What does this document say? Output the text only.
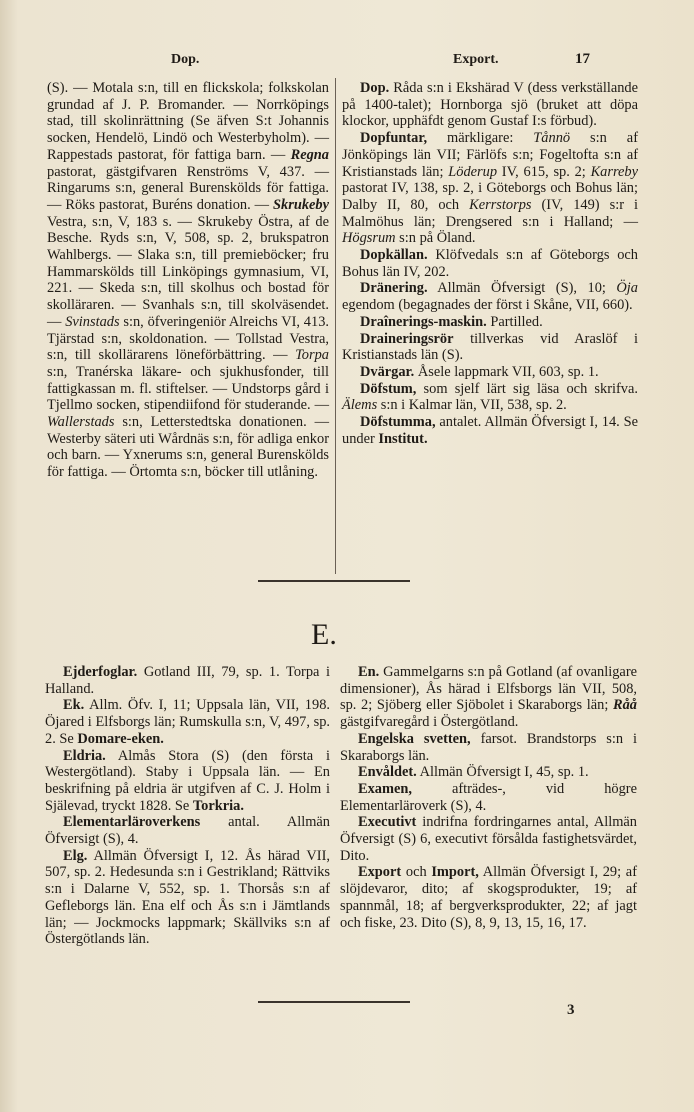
Dop.	Export.	17

(S). — Motala s:n, till en flickskola; folkskolan grundad af J. P. Bromander. — Norrköpings stad, till skolinrättning (Se äfven S:t Johannis socken, Hendelö, Lindö och Westerbyholm). — Rappestads pastorat, för fattiga barn. — Regna pastorat, gästgifvaren Renströms V, 437. — Ringarums s:n, general Burenskölds för fattiga. — Röks pastorat, Buréns donation. — Skrukeby Vestra, s:n, V, 183 s. — Skrukeby Östra, af de Besche. Ryds s:n, V, 508, sp. 2, brukspatron Wahlbergs. — Slaka s:n, till premieböcker; fru Hammarskölds till Linköpings gymnasium, VI, 221. — Skeda s:n, till skolhus och bostad för skolläraren. — Svanhals s:n, till skolväsendet. — Svinstads s:n, öfveringeniör Alreichs VI, 413. Tjärstad s:n, skoldonation. — Tollstad Vestra, s:n, till skollärarens löneförbättring. — Torpa s:n, Tranérska läkare- och sjukhusfonder, till fattigkassan m. fl. stiftelser. — Undstorps gård i Tjellmo socken, stipendiifond för studerande. — Wallerstads s:n, Letterstedtska donationen. — Westerby säteri uti Wårdnäs s:n, för adliga enkor och barn. — Yxnerums s:n, general Burenskölds för fattiga. — Örtomta s:n, böcker till utlåning.

Dop. Råda s:n i Ekshärad V (dess verkställande på 1400-talet); Hornborga sjö (bruket att döpa klockor, upphäfdt genom Gustaf I:s förbud).

Dopfuntar, märkligare: Tånnö s:n af Jönköpings län VII; Färlöfs s:n; Fogeltofta s:n af Kristianstads län; Löderup IV, 615, sp. 2; Karreby pastorat IV, 138, sp. 2, i Göteborgs och Bohus län; Dalby II, 80, och Kerrstorps (IV, 149) s:r i Malmöhus län; Drengsered s:n i Halland; — Högsrum s:n på Öland.

Dopkällan. Klöfvedals s:n af Göteborgs och Bohus län IV, 202.

Dränering. Allmän Öfversigt (S), 10; Öja egendom (begagnades der först i Skåne, VII, 660).

Draînerings-maskin. Partilled.

Draineringsrör tillverkas vid Araslöf i Kristianstads län (S).

Dvärgar. Åsele lappmark VII, 603, sp. 1.

Döfstum, som sjelf lärt sig läsa och skrifva. Älems s:n i Kalmar län, VII, 538, sp. 2.

Döfstumma, antalet. Allmän Öfversigt I, 14. Se under Institut.

E.

Ejderfoglar. Gotland III, 79, sp. 1. Torpa i Halland.

Ek. Allm. Öfv. I, 11; Uppsala län, VII, 198. Öjared i Elfsborgs län; Rumskulla s:n, V, 497, sp. 2. Se Domare-eken.

Eldria. Almås Stora (S) (den första i Westergötland). Staby i Uppsala län. — En beskrifning på eldria är utgifven af C. J. Holm i Själevad, tryckt 1828. Se Torkria.

Elementarläroverkens antal. Allmän Öfversigt (S), 4.

Elg. Allmän Öfversigt I, 12. Ås härad VII, 507, sp. 2. Hedesunda s:n i Gestrikland; Rättviks s:n i Dalarne V, 552, sp. 1. Thorsås s:n af Gefleborgs län. Ena elf och Ås s:n i Jämtlands län; — Jockmocks lappmark; Skällviks s:n af Östergötlands län.

En. Gammelgarns s:n på Gotland (af ovanligare dimensioner), Ås härad i Elfsborgs län VII, 508, sp. 2; Sjöberg eller Sjöbolet i Skaraborgs län; Råå gästgifvaregård i Östergötland.

Engelska svetten, farsot. Brandstorps s:n i Skaraborgs län.

Envåldet. Allmän Öfversigt I, 45, sp. 1.

Examen, afträdes-, vid högre Elementarläroverk (S), 4.

Executivt indrifna fordringarnes antal, Allmän Öfversigt (S) 6, executivt försålda fastighetsvärdet, Dito.

Export och Import, Allmän Öfversigt I, 29; af slöjdevaror, dito; af skogsprodukter, 19; af spannmål, 18; af bergverksprodukter, 22; af jagt och fiske, 23. Dito (S), 8, 9, 13, 15, 16, 17.

3
